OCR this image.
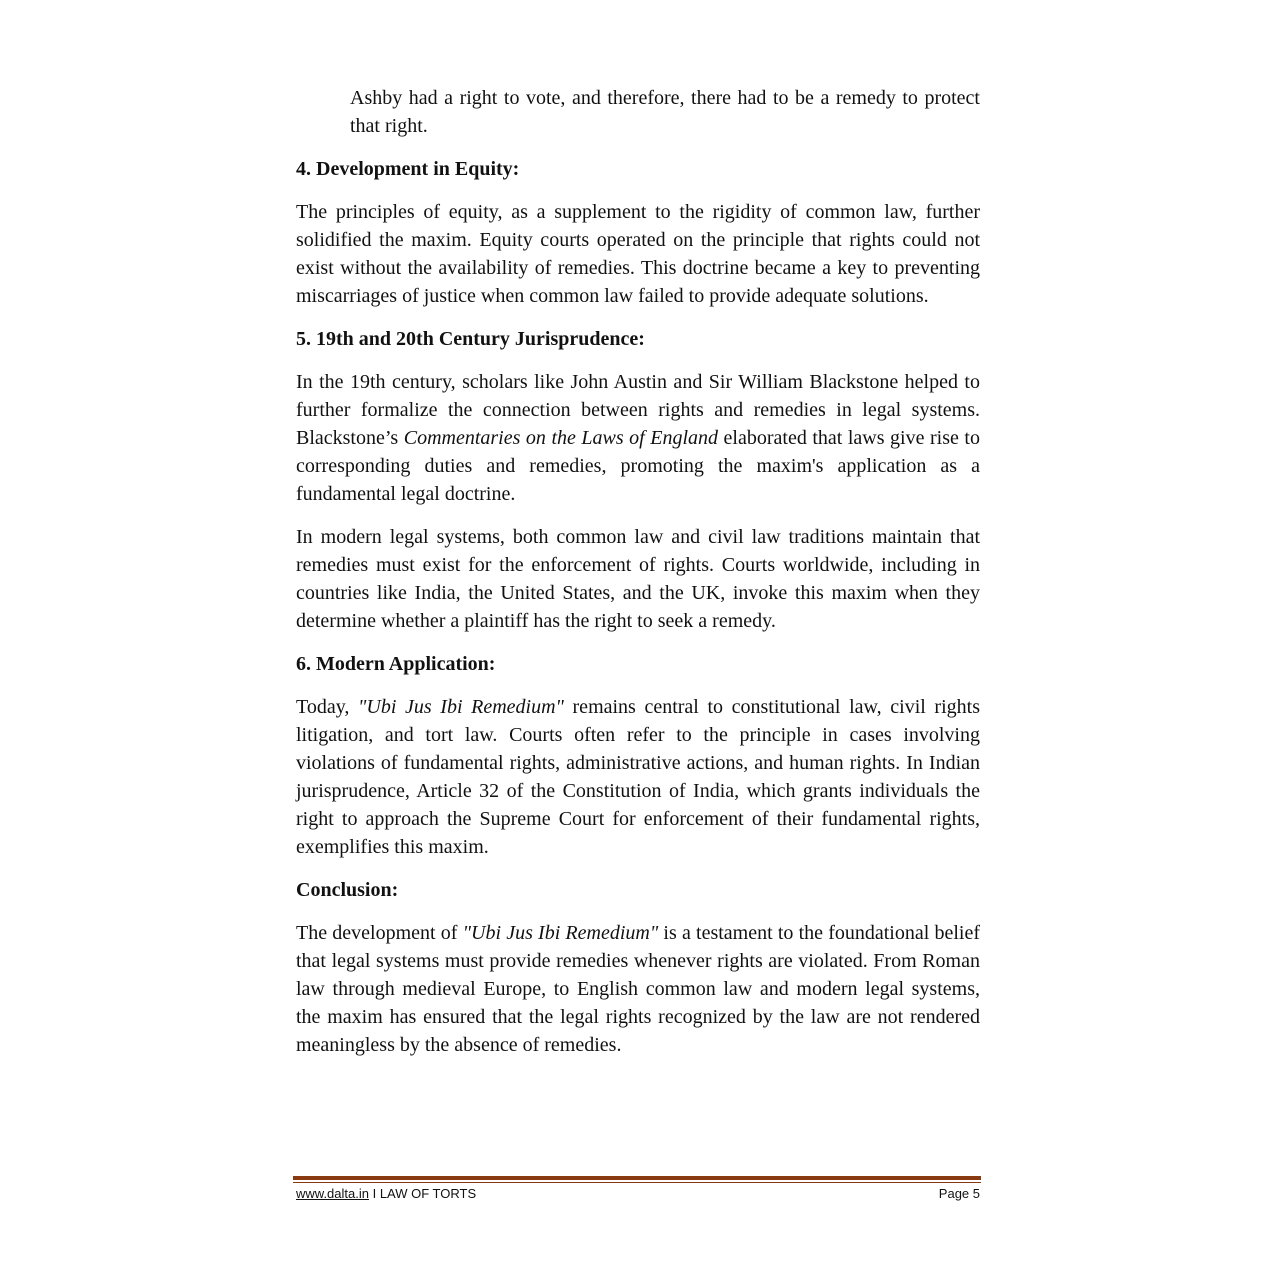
Ashby had a right to vote, and therefore, there had to be a remedy to protect that right.

4. Development in Equity:

The principles of equity, as a supplement to the rigidity of common law, further solidified the maxim. Equity courts operated on the principle that rights could not exist without the availability of remedies. This doctrine became a key to preventing miscarriages of justice when common law failed to provide adequate solutions.

5. 19th and 20th Century Jurisprudence:

In the 19th century, scholars like John Austin and Sir William Blackstone helped to further formalize the connection between rights and remedies in legal systems. Blackstone’s Commentaries on the Laws of England elaborated that laws give rise to corresponding duties and remedies, promoting the maxim's application as a fundamental legal doctrine.

In modern legal systems, both common law and civil law traditions maintain that remedies must exist for the enforcement of rights. Courts worldwide, including in countries like India, the United States, and the UK, invoke this maxim when they determine whether a plaintiff has the right to seek a remedy.

6. Modern Application:

Today, "Ubi Jus Ibi Remedium" remains central to constitutional law, civil rights litigation, and tort law. Courts often refer to the principle in cases involving violations of fundamental rights, administrative actions, and human rights. In Indian jurisprudence, Article 32 of the Constitution of India, which grants individuals the right to approach the Supreme Court for enforcement of their fundamental rights, exemplifies this maxim.

Conclusion:

The development of "Ubi Jus Ibi Remedium" is a testament to the foundational belief that legal systems must provide remedies whenever rights are violated. From Roman law through medieval Europe, to English common law and modern legal systems, the maxim has ensured that the legal rights recognized by the law are not rendered meaningless by the absence of remedies.

www.dalta.in I LAW OF TORTS	Page 5
